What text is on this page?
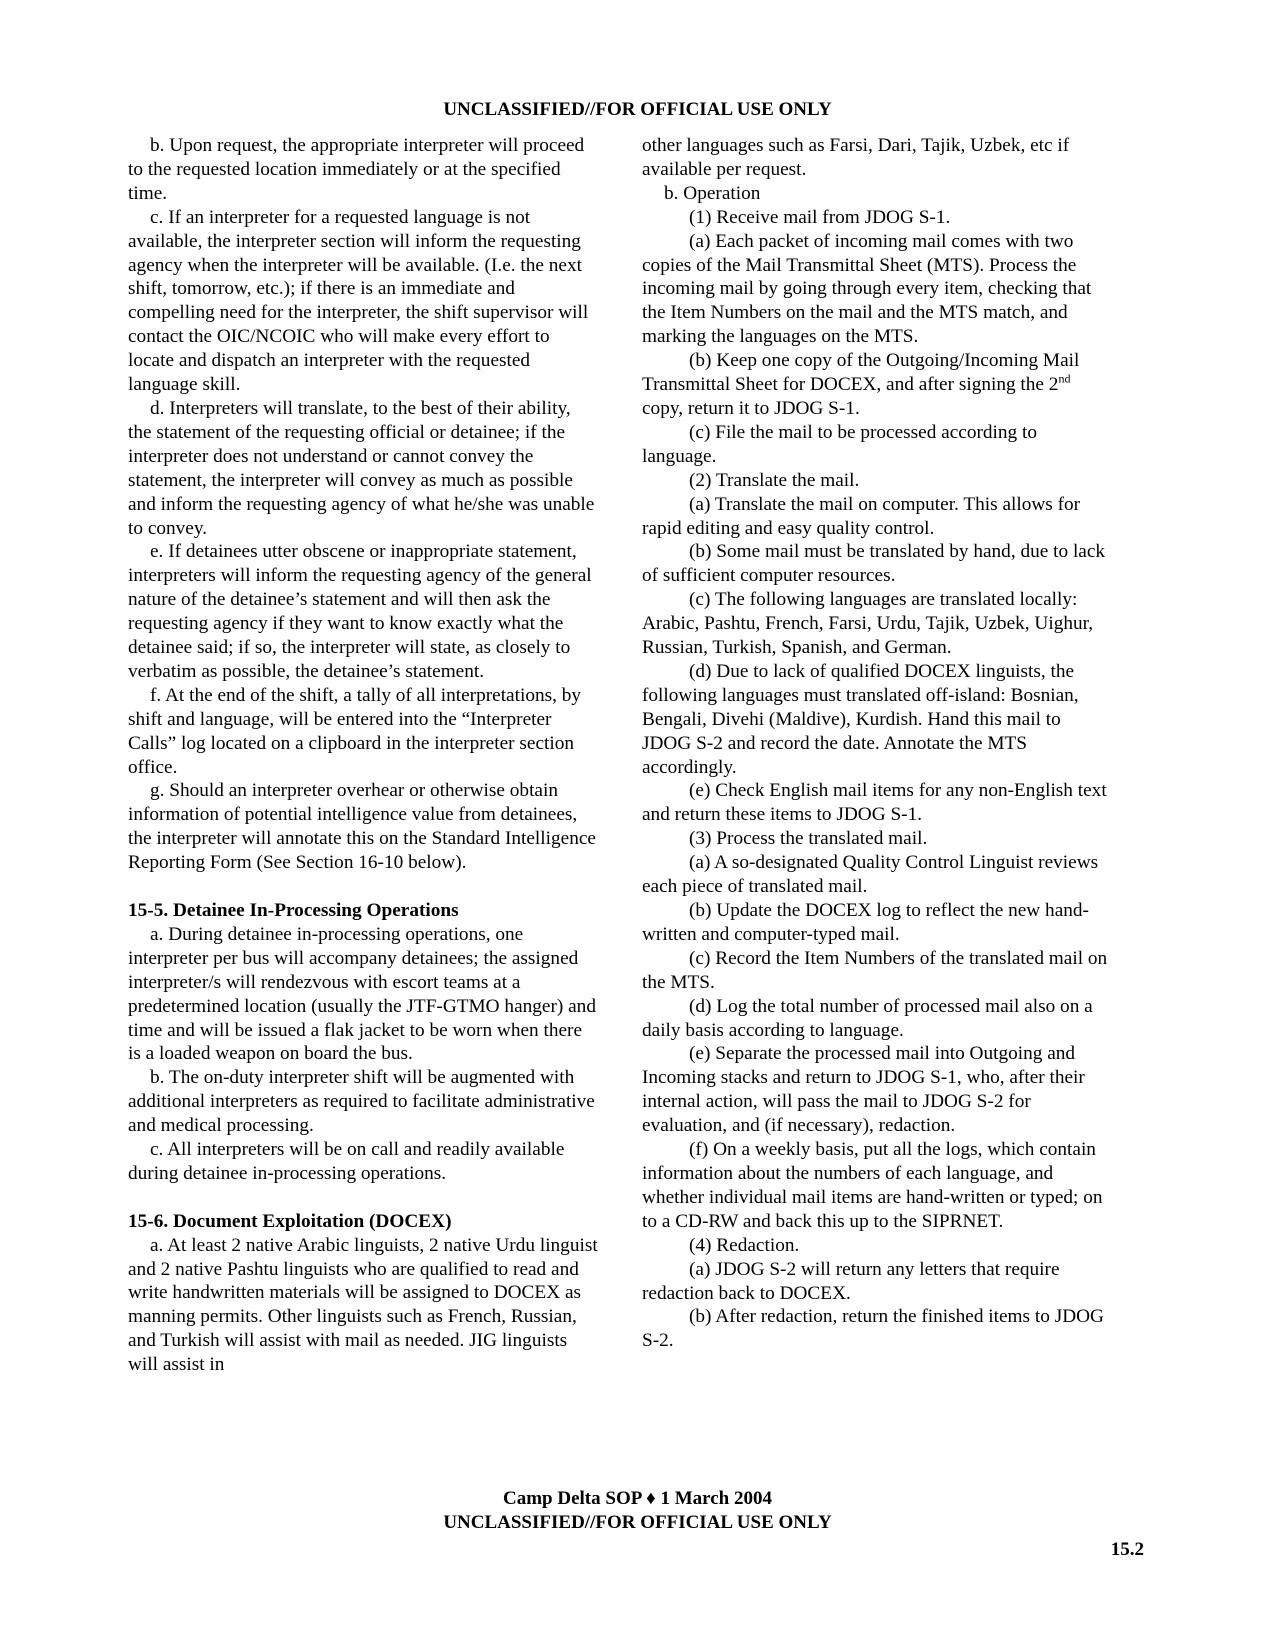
UNCLASSIFIED//FOR OFFICIAL USE ONLY

b. Upon request, the appropriate interpreter will proceed to the requested location immediately or at the specified time.

c. If an interpreter for a requested language is not available, the interpreter section will inform the requesting agency when the interpreter will be available. (I.e. the next shift, tomorrow, etc.); if there is an immediate and compelling need for the interpreter, the shift supervisor will contact the OIC/NCOIC who will make every effort to locate and dispatch an interpreter with the requested language skill.

d. Interpreters will translate, to the best of their ability, the statement of the requesting official or detainee; if the interpreter does not understand or cannot convey the statement, the interpreter will convey as much as possible and inform the requesting agency of what he/she was unable to convey.

e. If detainees utter obscene or inappropriate statement, interpreters will inform the requesting agency of the general nature of the detainee’s statement and will then ask the requesting agency if they want to know exactly what the detainee said; if so, the interpreter will state, as closely to verbatim as possible, the detainee’s statement.

f. At the end of the shift, a tally of all interpretations, by shift and language, will be entered into the “Interpreter Calls” log located on a clipboard in the interpreter section office.

g. Should an interpreter overhear or otherwise obtain information of potential intelligence value from detainees, the interpreter will annotate this on the Standard Intelligence Reporting Form (See Section 16-10 below).

15-5. Detainee In-Processing Operations

a. During detainee in-processing operations, one interpreter per bus will accompany detainees; the assigned interpreter/s will rendezvous with escort teams at a predetermined location (usually the JTF-GTMO hanger) and time and will be issued a flak jacket to be worn when there is a loaded weapon on board the bus.

b. The on-duty interpreter shift will be augmented with additional interpreters as required to facilitate administrative and medical processing.

c. All interpreters will be on call and readily available during detainee in-processing operations.

15-6. Document Exploitation (DOCEX)

a. At least 2 native Arabic linguists, 2 native Urdu linguist and 2 native Pashtu linguists who are qualified to read and write handwritten materials will be assigned to DOCEX as manning permits. Other linguists such as French, Russian, and Turkish will assist with mail as needed. JIG linguists will assist in

other languages such as Farsi, Dari, Tajik, Uzbek, etc if available per request.

b. Operation

(1) Receive mail from JDOG S-1.

(a) Each packet of incoming mail comes with two copies of the Mail Transmittal Sheet (MTS). Process the incoming mail by going through every item, checking that the Item Numbers on the mail and the MTS match, and marking the languages on the MTS.

(b) Keep one copy of the Outgoing/Incoming Mail Transmittal Sheet for DOCEX, and after signing the 2nd copy, return it to JDOG S-1.

(c) File the mail to be processed according to language.

(2) Translate the mail.

(a) Translate the mail on computer. This allows for rapid editing and easy quality control.

(b) Some mail must be translated by hand, due to lack of sufficient computer resources.

(c) The following languages are translated locally: Arabic, Pashtu, French, Farsi, Urdu, Tajik, Uzbek, Uighur, Russian, Turkish, Spanish, and German.

(d) Due to lack of qualified DOCEX linguists, the following languages must translated off-island: Bosnian, Bengali, Divehi (Maldive), Kurdish. Hand this mail to JDOG S-2 and record the date. Annotate the MTS accordingly.

(e) Check English mail items for any non-English text and return these items to JDOG S-1.

(3) Process the translated mail.

(a) A so-designated Quality Control Linguist reviews each piece of translated mail.

(b) Update the DOCEX log to reflect the new hand-written and computer-typed mail.

(c) Record the Item Numbers of the translated mail on the MTS.

(d) Log the total number of processed mail also on a daily basis according to language.

(e) Separate the processed mail into Outgoing and Incoming stacks and return to JDOG S-1, who, after their internal action, will pass the mail to JDOG S-2 for evaluation, and (if necessary), redaction.

(f) On a weekly basis, put all the logs, which contain information about the numbers of each language, and whether individual mail items are hand-written or typed; on to a CD-RW and back this up to the SIPRNET.

(4) Redaction.

(a) JDOG S-2 will return any letters that require redaction back to DOCEX.

(b) After redaction, return the finished items to JDOG S-2.

Camp Delta SOP ♦ 1 March 2004
UNCLASSIFIED//FOR OFFICIAL USE ONLY
15.2
